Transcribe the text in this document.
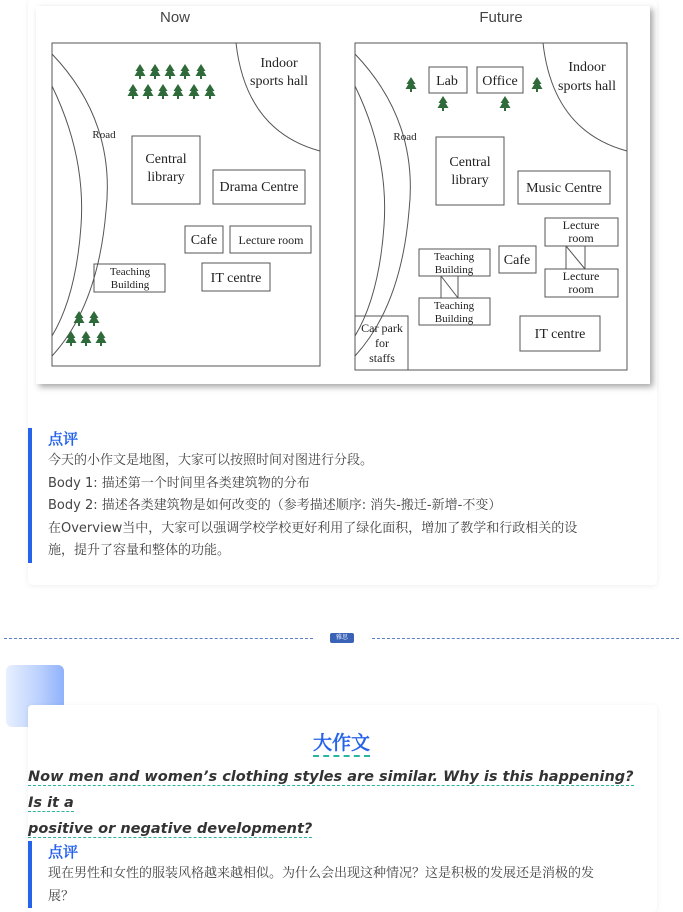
Now
Indoor
sports hall
Road
Central
library
Drama Centre
Cafe Lecture room
Teaching
Building	IT centre
Future
Lab Office
Indoor
sports hall
Road
Central
library
Music Centre
Lecture
room
Lecture
room
Teaching
Building
Teaching
Building
Cafe
Car park
for
staffs
IT centre
点评

今天的小作文是地图，大家可以按照时间对图进行分段。

Body 1: 描述第一个时间里各类建筑物的分布

Body 2: 描述各类建筑物是如何改变的（参考描述顺序: 消失-搬迁-新增-不变）

在Overview当中，大家可以强调学校学校更好利用了绿化面积，增加了教学和行政相关的设

施，提升了容量和整体的功能。

雅思
大作文
Now men and women’s clothing styles are similar. Why is this happening? Is it a
positive or negative development?
点评

现在男性和女性的服装风格越来越相似。为什么会出现这种情况？这是积极的发展还是消极的发

展？
